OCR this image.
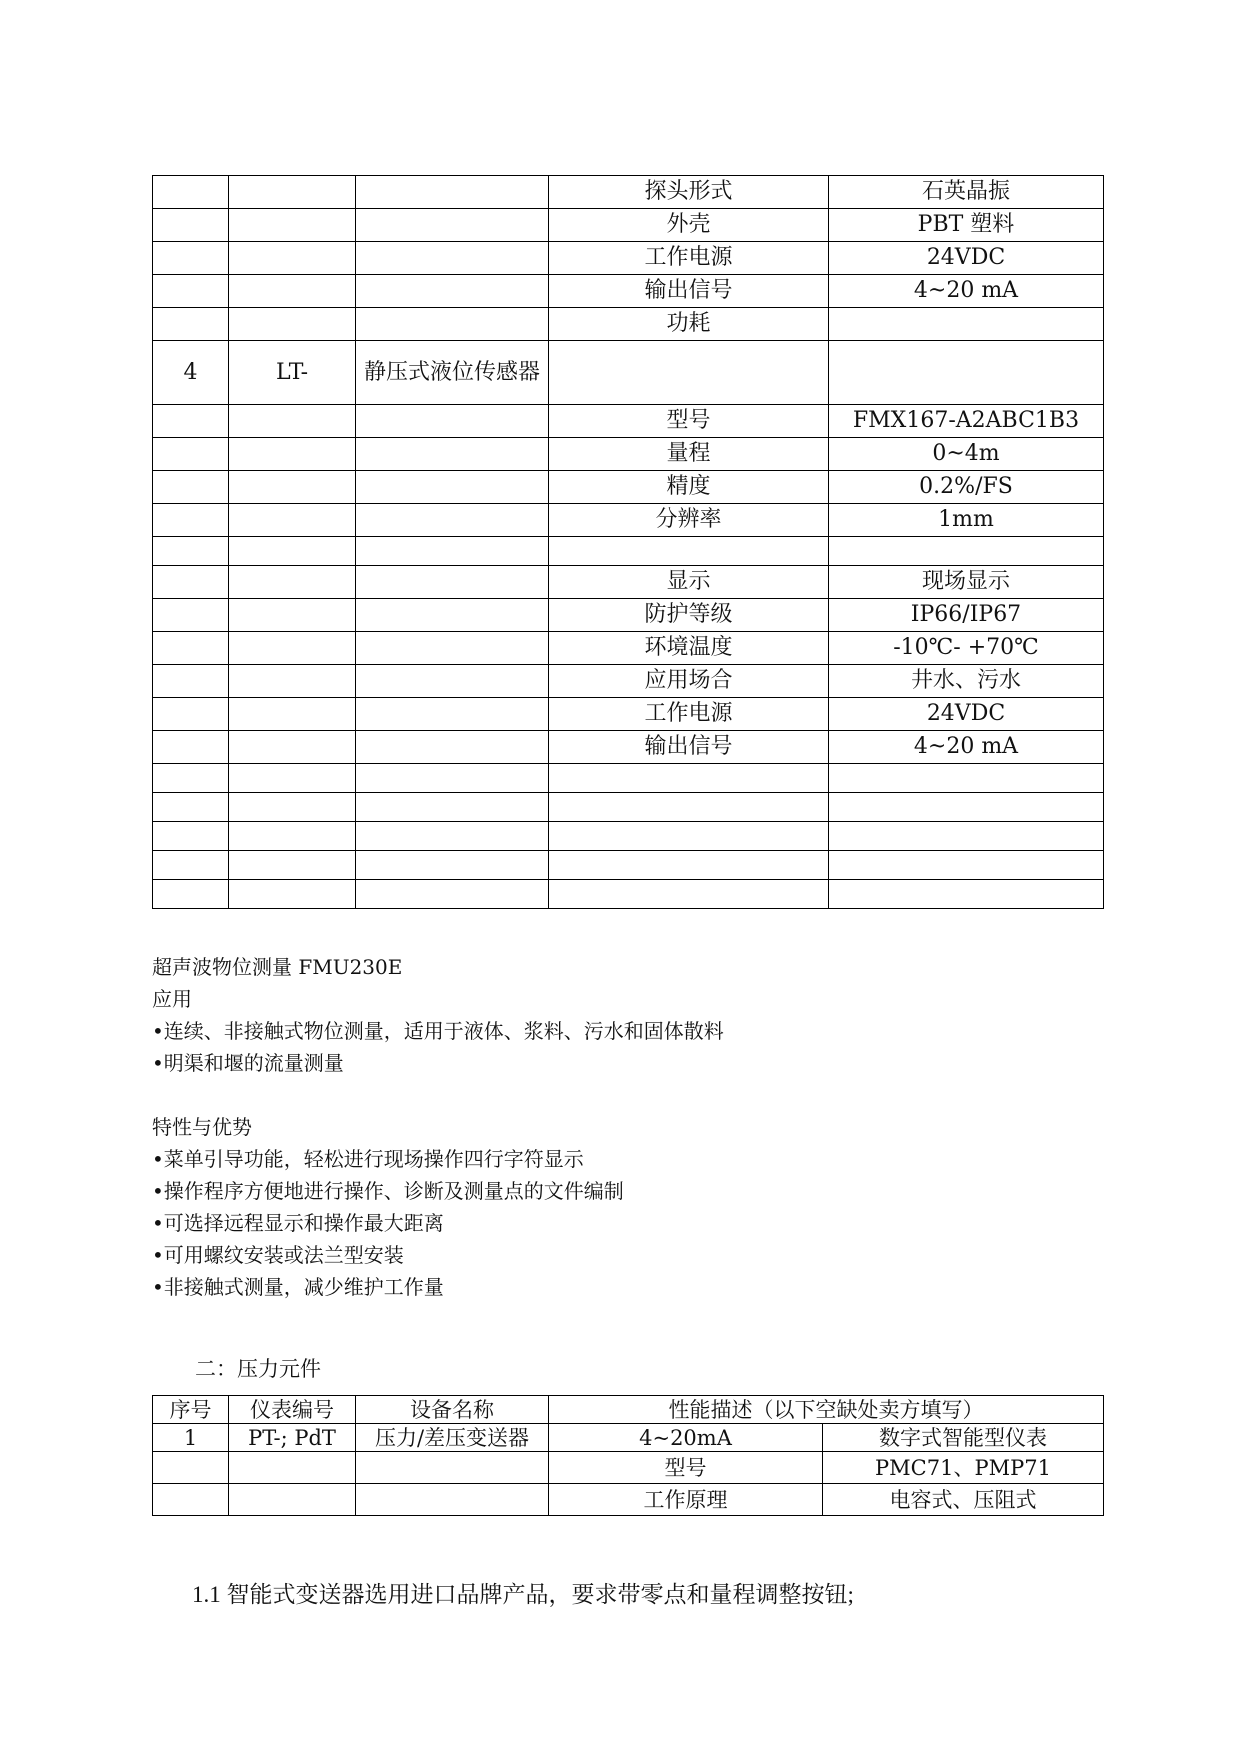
			探头形式	石英晶振
			外壳	PBT 塑料
			工作电源	24VDC
			输出信号	4~20 mA
			功耗	
4	LT-	静压式液位传感器		
			型号	FMX167-A2ABC1B3
			量程	0~4m
			精度	0.2%/FS
			分辨率	1mm

			显示	现场显示
			防护等级	IP66/IP67
			环境温度	-10℃- +70℃
			应用场合	井水、污水
			工作电源	24VDC
			输出信号	4~20 mA

超声波物位测量 FMU230E
应用
•连续、非接触式物位测量，适用于液体、浆料、污水和固体散料
•明渠和堰的流量测量
特性与优势
•菜单引导功能，轻松进行现场操作四行字符显示
•操作程序方便地进行操作、诊断及测量点的文件编制
•可选择远程显示和操作最大距离
•可用螺纹安装或法兰型安装
•非接触式测量，减少维护工作量
二：压力元件
序号	仪表编号	设备名称	性能描述（以下空缺处卖方填写）	
1	PT-; PdT	压力/差压变送器	4~20mA	数字式智能型仪表
			型号	PMC71、PMP71
			工作原理	电容式、压阻式
1.1 智能式变送器选用进口品牌产品，要求带零点和量程调整按钮;
